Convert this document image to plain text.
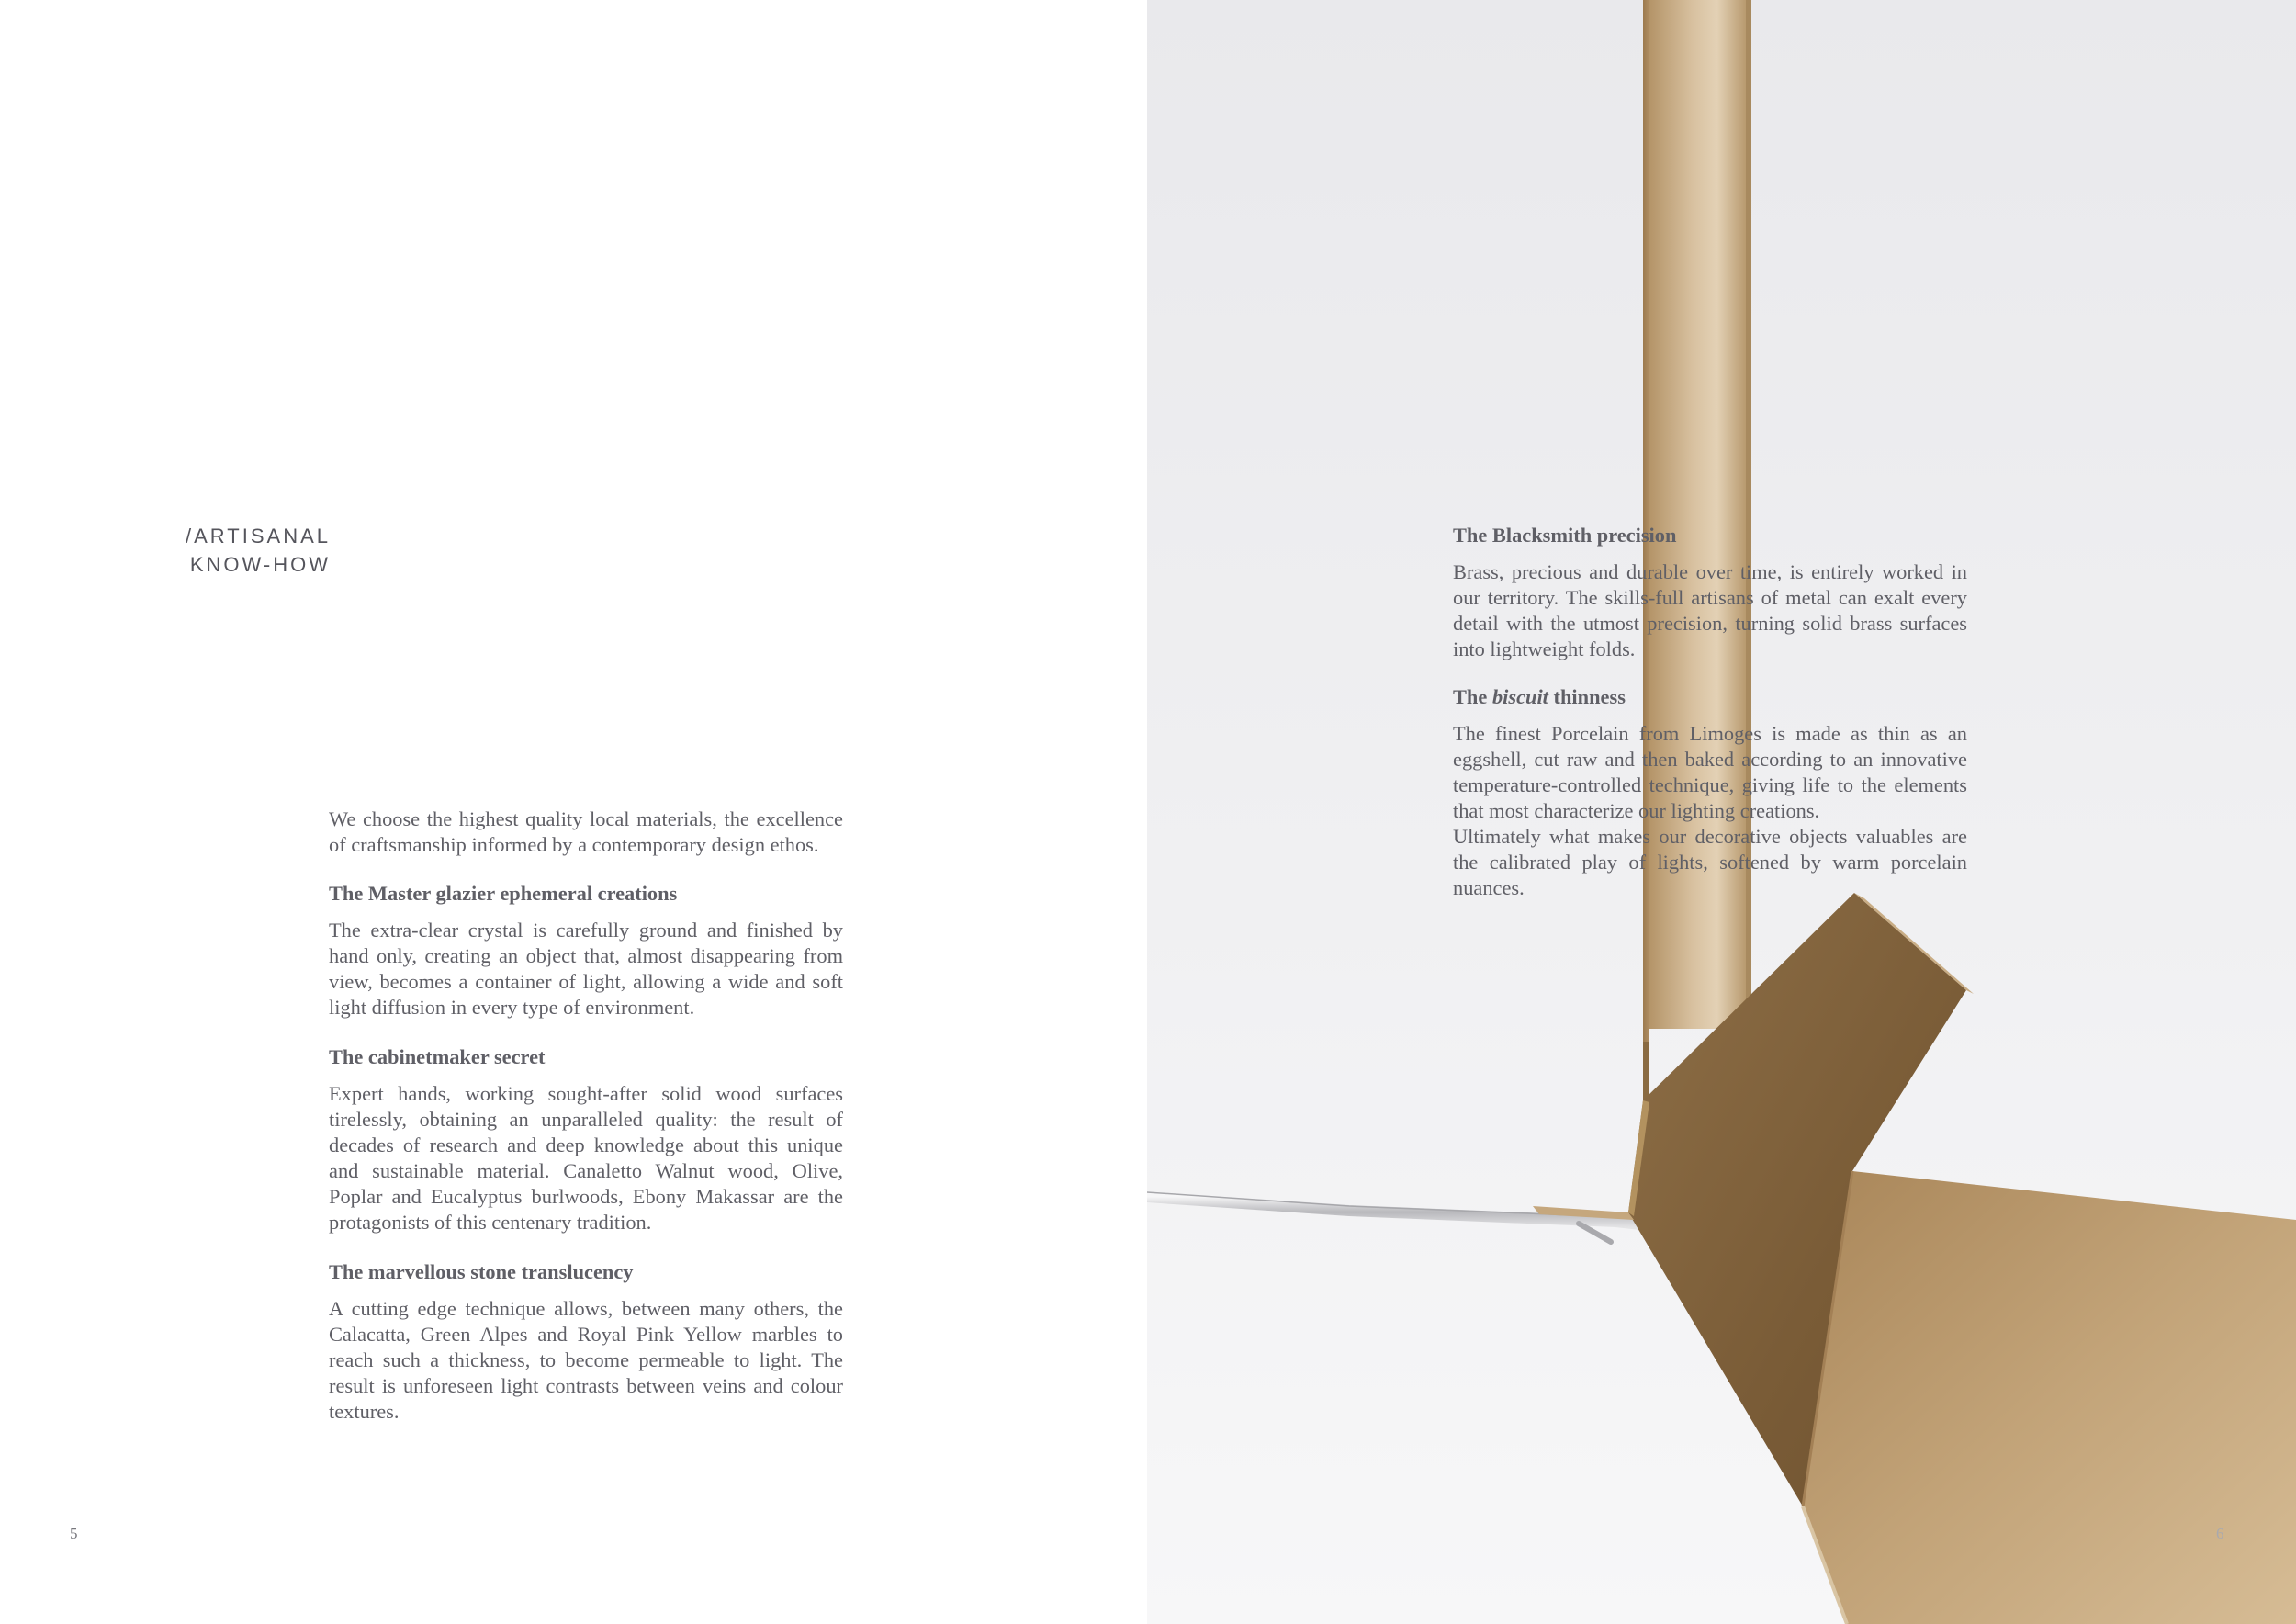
/ARTISANAL
KNOW-HOW

We choose the highest quality local materials, the excellence of craftsmanship informed by a contemporary design ethos.

The Master glazier ephemeral creations

The extra-clear crystal is carefully ground and finished by hand only, creating an object that, almost disappearing from view, becomes a container of light, allowing a wide and soft light diffusion in every type of environment.

The cabinetmaker secret

Expert hands, working sought-after solid wood surfaces tirelessly, obtaining an unparalleled quality: the result of decades of research and deep knowledge about this unique and sustainable material. Canaletto Walnut wood, Olive, Poplar and Eucalyptus burlwoods, Ebony Makassar are the protagonists of this centenary tradition.

The marvellous stone translucency

A cutting edge technique allows, between many others, the Calacatta, Green Alpes and Royal Pink Yellow marbles to reach such a thickness, to become permeable to light. The result is unforeseen light contrasts between veins and colour textures.

5

The Blacksmith precision

Brass, precious and durable over time, is entirely worked in our territory. The skills-full artisans of metal can exalt every detail with the utmost precision, turning solid brass surfaces into lightweight folds.

The biscuit thinness

The finest Porcelain from Limoges is made as thin as an eggshell, cut raw and then baked according to an innovative temperature-controlled technique, giving life to the elements that most characterize our lighting creations.

Ultimately what makes our decorative objects valuables are the calibrated play of lights, softened by warm porcelain nuances.

6
